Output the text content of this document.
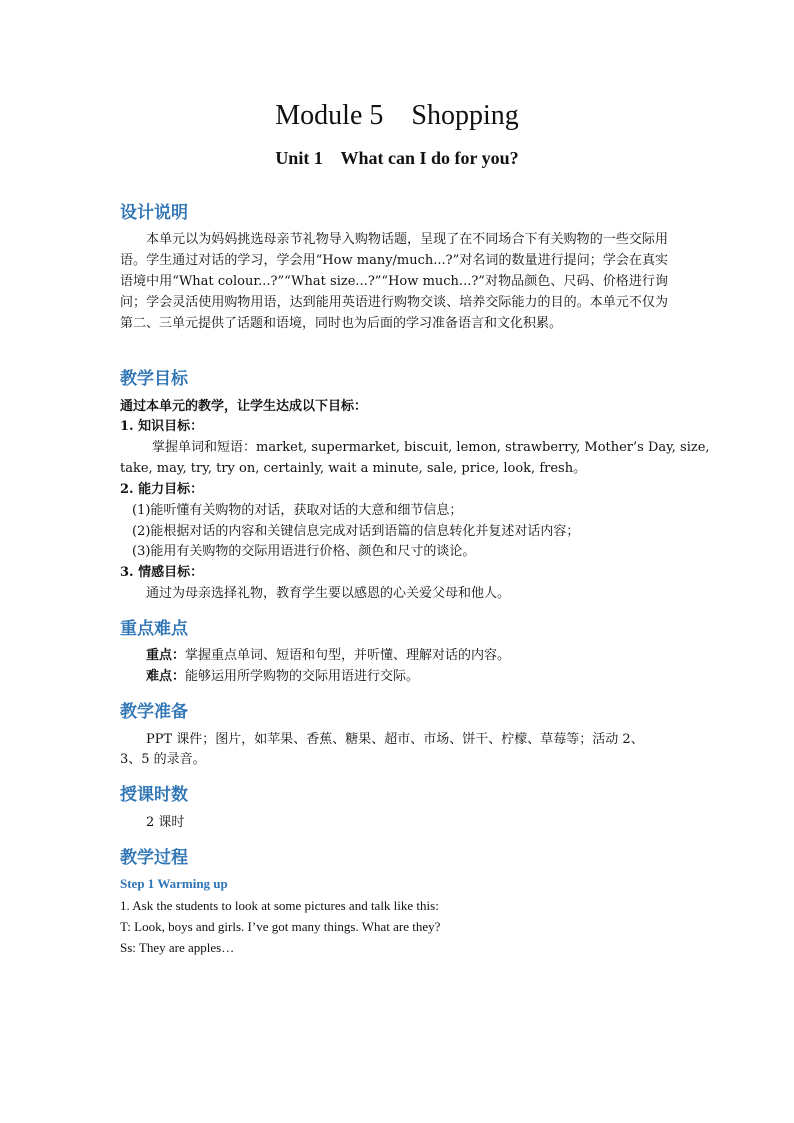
Module 5    Shopping
Unit 1    What can I do for you?
设计说明
本单元以为妈妈挑选母亲节礼物导入购物话题，呈现了在不同场合下有关购物的一些交际用语。学生通过对话的学习，学会用“How many/much...?”对名词的数量进行提问；学会在真实语境中用“What colour...?”“What size...?”“How much...?”对物品颜色、尺码、价格进行询问；学会灵活使用购物用语，达到能用英语进行购物交谈、培养交际能力的目的。本单元不仅为第二、三单元提供了话题和语境，同时也为后面的学习准备语言和文化积累。
教学目标
通过本单元的教学，让学生达成以下目标：
1. 知识目标：
掌握单词和短语：market, supermarket, biscuit, lemon, strawberry, Mother’s Day, size,
take, may, try, try on, certainly, wait a minute, sale, price, look, fresh。
2. 能力目标：
(1)能听懂有关购物的对话，获取对话的大意和细节信息；
(2)能根据对话的内容和关键信息完成对话到语篇的信息转化并复述对话内容；
(3)能用有关购物的交际用语进行价格、颜色和尺寸的谈论。
3. 情感目标：
通过为母亲选择礼物，教育学生要以感恩的心关爱父母和他人。
重点难点
重点：掌握重点单词、短语和句型，并听懂、理解对话的内容。
难点：能够运用所学购物的交际用语进行交际。
教学准备
PPT 课件；图片，如苹果、香蕉、糖果、超市、市场、饼干、柠檬、草莓等；活动 2、
3、5 的录音。
授课时数
2 课时
教学过程
Step 1 Warming up
1. Ask the students to look at some pictures and talk like this:
T: Look, boys and girls. I’ve got many things. What are they?
Ss: They are apples…
